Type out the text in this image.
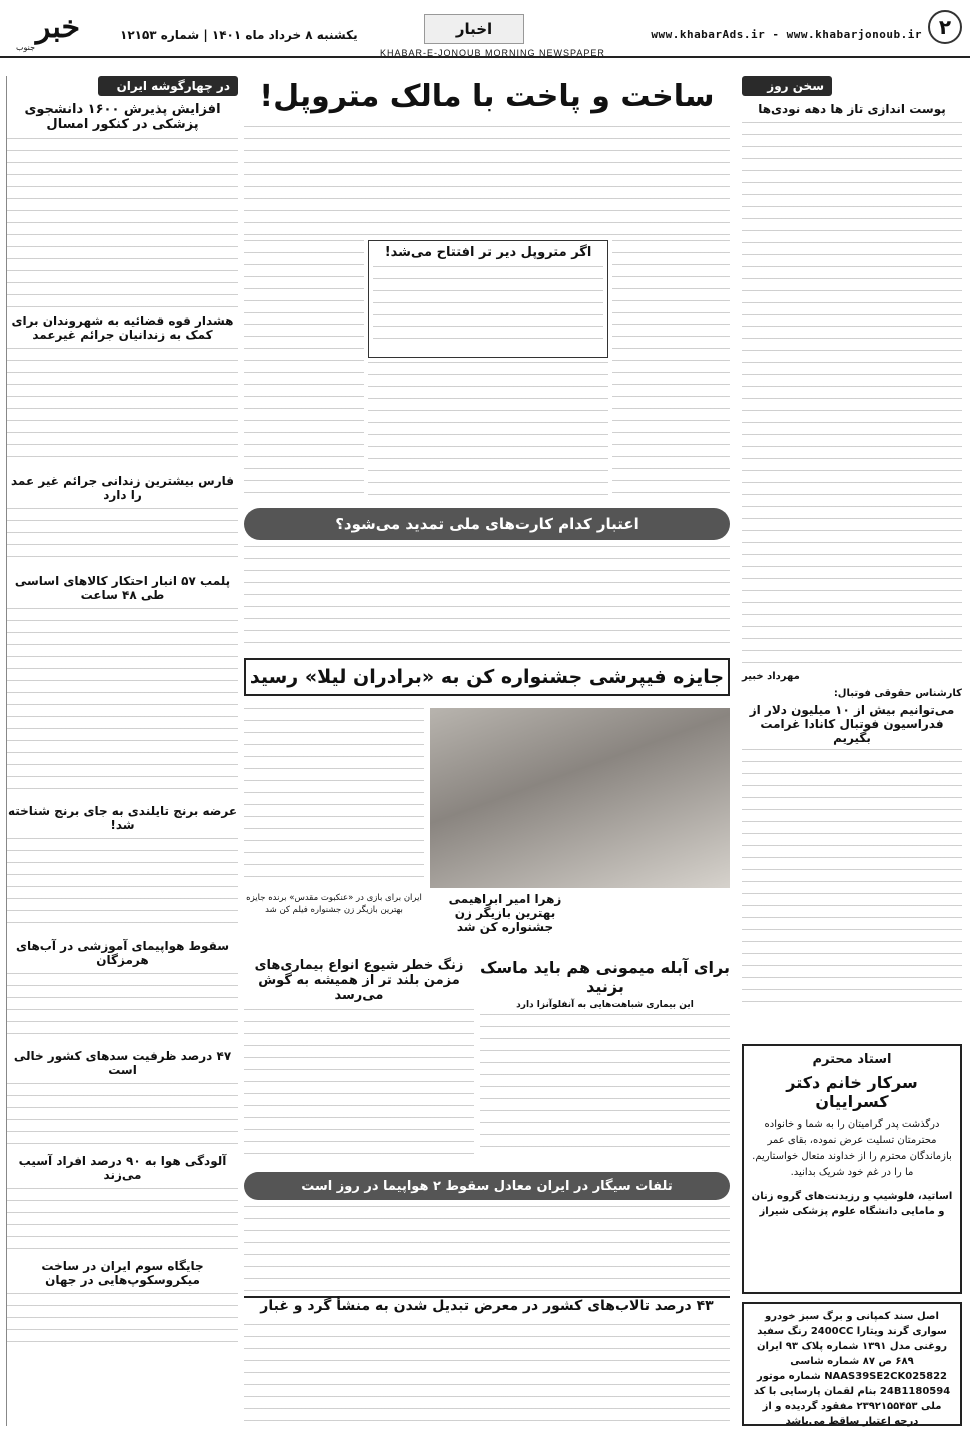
٢
اخبار	www.khabarAds.ir - www.khabarjonoub.ir
یکشنبه ۸ خرداد ماه ۱۴۰۱ | شماره ۱۲۱۵۳
خبر
جنوب
KHABAR-E-JONOUB MORNING NEWSPAPER
سخن روز
پوست اندازی تاز ها دهه نودی‌ها
مهرداد خبیر
در چهارگوشه ایران
افزایش پذیرش ۱۶۰۰ دانشجوی پزشکی در کنکور امسال
هشدار قوه قضائیه به شهروندان برای کمک به زندانیان جرائم غیرعمد
فارس بیشترین زندانی جرائم غیر عمد را دارد
پلمب ۵۷ انبار احتکار کالاهای اساسی طی ۴۸ ساعت
عرضه برنج تایلندی به جای برنج شناخته شد!
سقوط هواپیمای آموزشی در آب‌های هرمزگان
۴۷ درصد ظرفیت سدهای کشور خالی است
آلودگی هوا به ۹۰ درصد افراد آسیب می‌زند
جایگاه سوم ایران در ساخت میکروسکوپ‌هایی در جهان
ساخت و پاخت با مالک متروپل!
اگر متروپل دیر تر افتتاح می‌شد!
اعتبار کدام کارت‌های ملی تمدید می‌شود؟
جایزه فیپرشی جشنواره کن به «برادران لیلا» رسید
زهرا امیر ابراهیمی بهترین بازیگر زن جشنواره کن شد
ایران برای بازی در «عنکبوت مقدس» برنده جایزه بهترین بازیگر زن جشنواره فیلم کن شد
کارشناس حقوقی فوتبال:
می‌توانیم بیش از ۱۰ میلیون دلار از فدراسیون فوتبال کانادا غرامت بگیریم
برای آبله میمونی هم باید ماسک بزنید
این بیماری شباهت‌هایی به آنفلوآنزا دارد
زنگ خطر شیوع انواع بیماری‌های مزمن بلند تر از همیشه به گوش می‌رسد
تلفات سیگار در ایران معادل سقوط ۲ هواپیما در روز است
۴۳ درصد تالاب‌های کشور در معرض تبدیل شدن به منشأ گرد و غبار
استاد محترم
سرکار خانم دکتر کسراییان
درگذشت پدر گرامیتان را به شما و خانواده محترمتان تسلیت عرض نموده، بقای عمر بازماندگان محترم را از خداوند متعال خواستاریم. ما را در غم خود شریک بدانید.
اساتید، فلوشیپ و رزیدنت‌های گروه زنان و مامایی دانشگاه علوم پزشکی شیراز
اصل سند کمپانی و برگ سبز خودرو سواری گرند ویتارا 2400CC رنگ سفید روغنی مدل ۱۳۹۱ شماره پلاک ۹۳ ایران ۶۸۹ ص ۸۷ شماره شاسی NAAS39SE2CK025822 شماره موتور 24B1180594 بنام لقمان پارسایی با کد ملی ۲۳۹۲۱۵۵۴۵۳ مفقود گردیده و از درجه اعتبار ساقط می‌باشد
